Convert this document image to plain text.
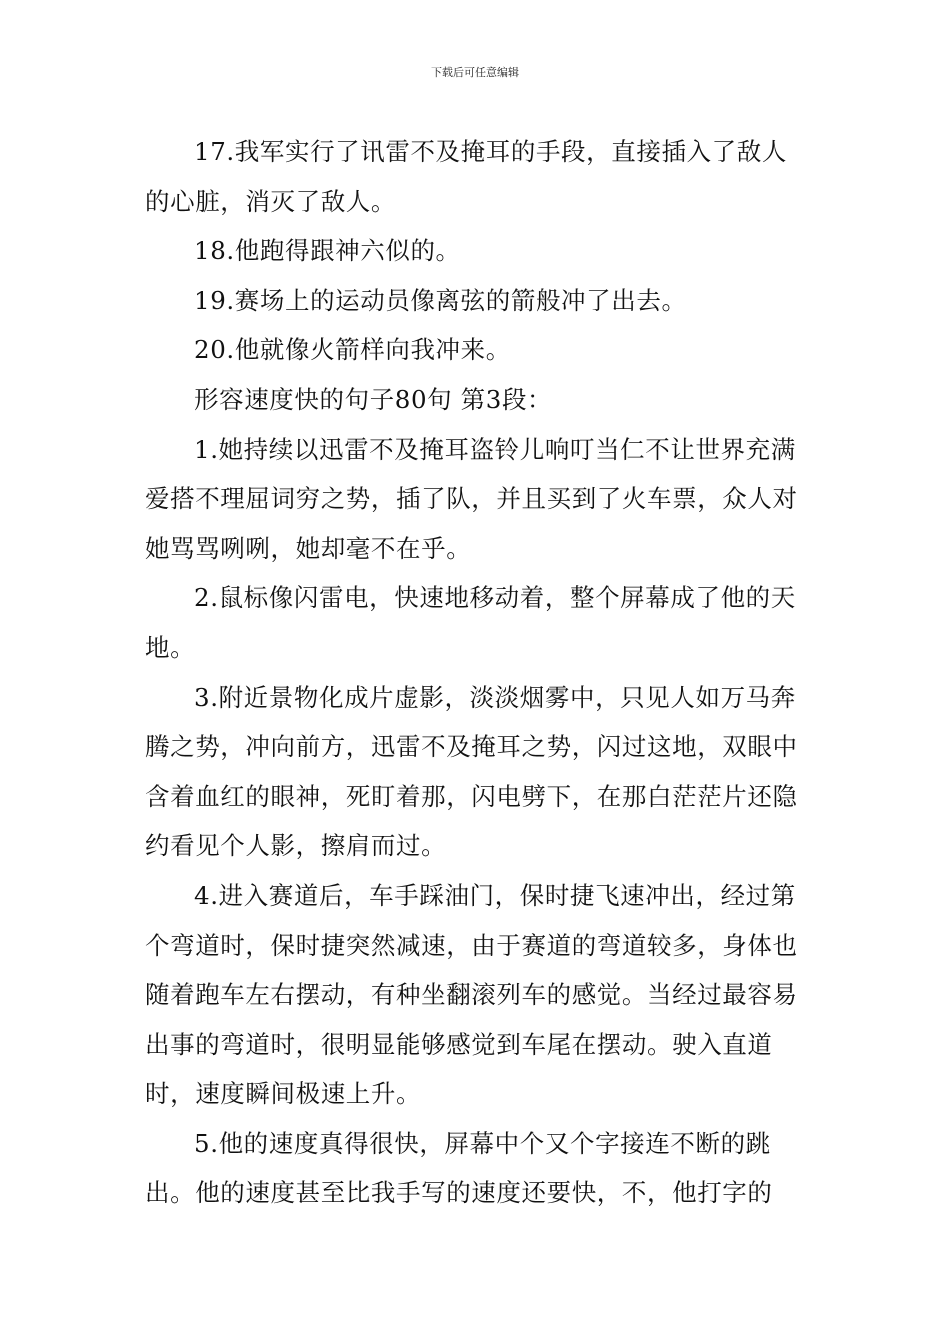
下载后可任意编辑

17.我军实行了讯雷不及掩耳的手段，直接插入了敌人的心脏，消灭了敌人。

18.他跑得跟神六似的。

19.赛场上的运动员像离弦的箭般冲了出去。

20.他就像火箭样向我冲来。

形容速度快的句子80句 第3段：

1.她持续以迅雷不及掩耳盗铃儿响叮当仁不让世界充满爱搭不理屈词穷之势，插了队，并且买到了火车票，众人对她骂骂咧咧，她却毫不在乎。

2.鼠标像闪雷电，快速地移动着，整个屏幕成了他的天地。

3.附近景物化成片虚影，淡淡烟雾中，只见人如万马奔腾之势，冲向前方，迅雷不及掩耳之势，闪过这地，双眼中含着血红的眼神，死盯着那，闪电劈下，在那白茫茫片还隐约看见个人影，擦肩而过。

4.进入赛道后，车手踩油门，保时捷飞速冲出，经过第个弯道时，保时捷突然减速，由于赛道的弯道较多，身体也随着跑车左右摆动，有种坐翻滚列车的感觉。当经过最容易出事的弯道时，很明显能够感觉到车尾在摆动。驶入直道时，速度瞬间极速上升。

5.他的速度真得很快，屏幕中个又个字接连不断的跳出。他的速度甚至比我手写的速度还要快，不，他打字的
